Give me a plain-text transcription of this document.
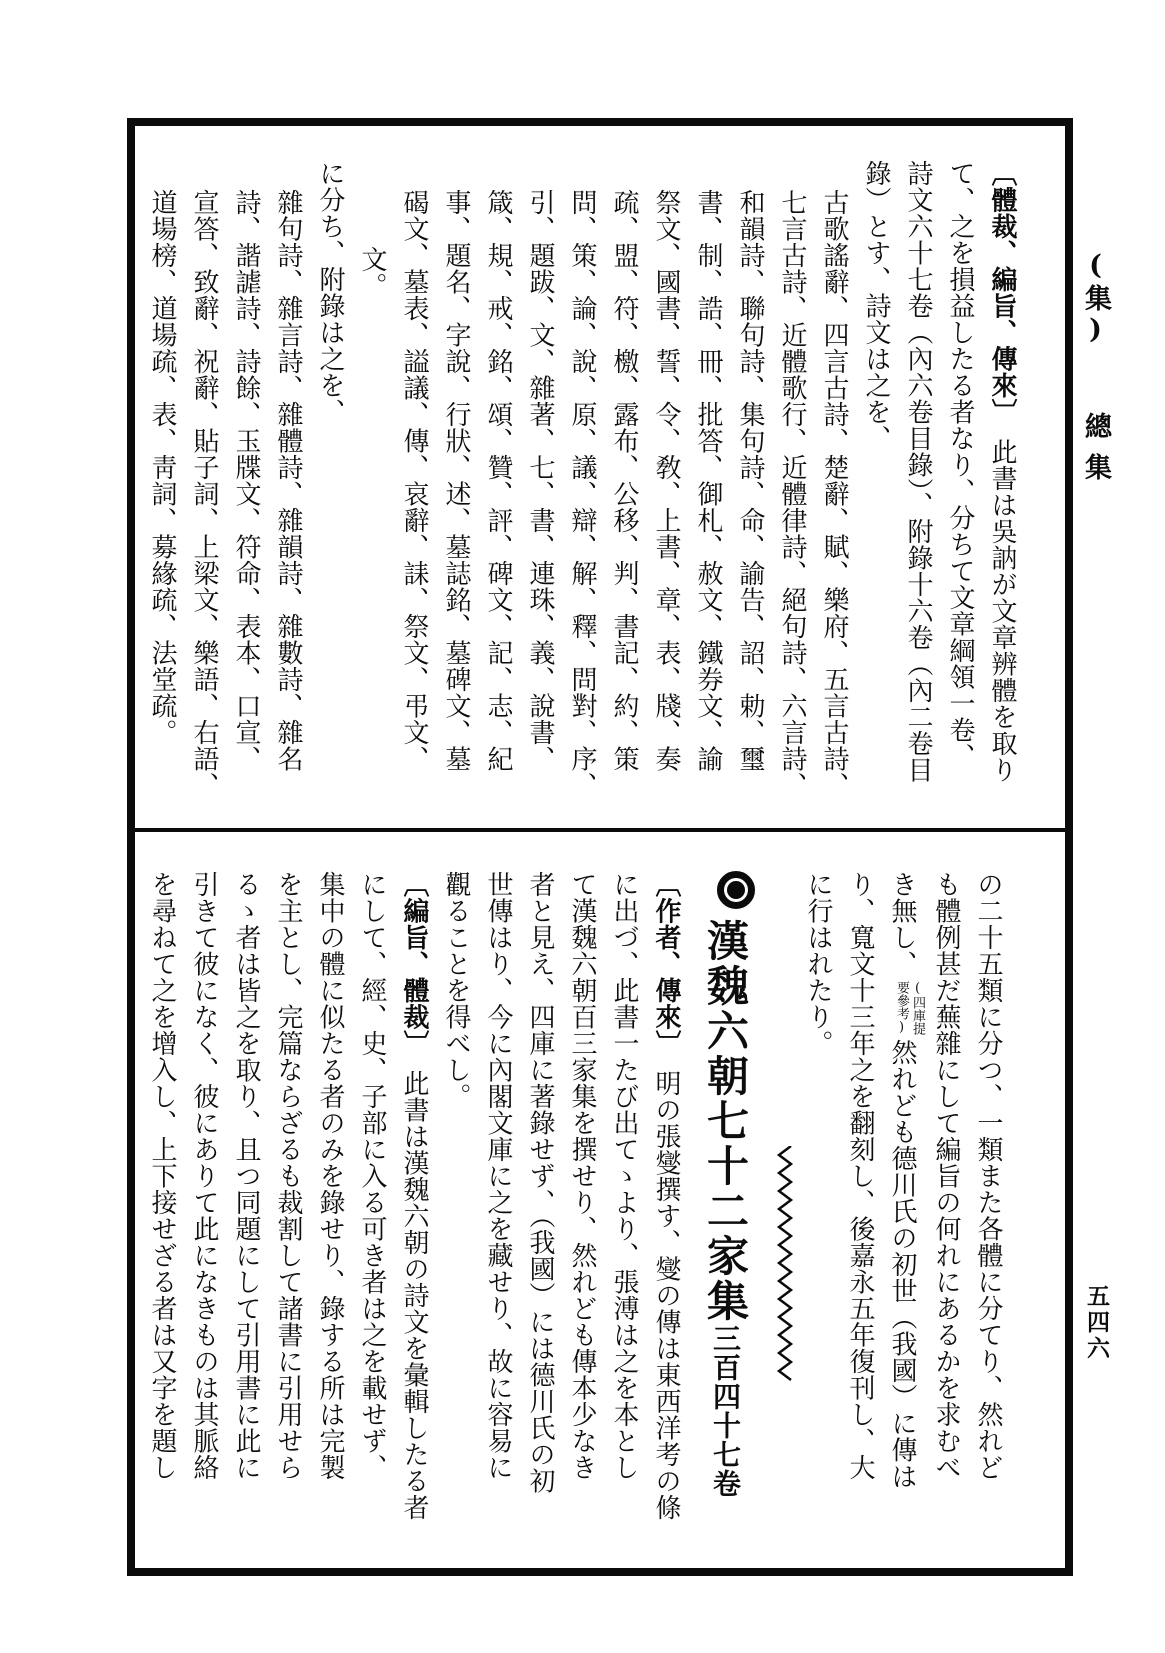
(集) 總集
五四六
〔體裁、編旨、傳來〕　此書は吳訥が文章辨體を取り
て、之を損益したる者なり、分ちて文章綱領一卷、
詩文六十七卷（內六卷目錄）、附錄十六卷（內二卷目
錄）とす、詩文は之を、
古歌謠辭、四言古詩、楚辭、賦、樂府、五言古詩、
七言古詩、近體歌行、近體律詩、絕句詩、六言詩、
和韻詩、聯句詩、集句詩、命、諭告、詔、勅、璽
書、制、誥、冊、批答、御札、赦文、鐵券文、諭
祭文、國書、誓、令、敎、上書、章、表、牋、奏
疏、盟、符、檄、露布、公移、判、書記、約、策
問、策、論、說、原、議、辯、解、釋、問對、序、
引、題跋、文、雜著、七、書、連珠、義、說書、
箴、規、戒、銘、頌、贊、評、碑文、記、志、紀
事、題名、字說、行狀、述、墓誌銘、墓碑文、墓
碣文、墓表、謚議、傳、哀辭、誄、祭文、弔文、
文。
に分ち、附錄は之を、
雜句詩、雜言詩、雜體詩、雜韻詩、雜數詩、雜名
詩、諧謔詩、詩餘、玉牒文、符命、表本、口宣、
宣答、致辭、祝辭、貼子詞、上梁文、樂語、右語、
道場榜、道場疏、表、靑詞、募緣疏、法堂疏。
の二十五類に分つ、一類また各體に分てり、然れど
も體例甚だ蕪雜にして編旨の何れにあるかを求むべ
き無し、
(四庫提
要參考)
然れども德川氏の初世（我國）に傳は
り、寬文十三年之を翻刻し、後嘉永五年復刊し、大
に行はれたり。
漢魏六朝七十二家集三百四十七卷
〔作者、傳來〕　明の張燮撰す、燮の傳は東西洋考の條
に出づ、此書一たび出てゝより、張溥は之を本とし
て漢魏六朝百三家集を撰せり、然れども傳本少なき
者と見え、四庫に著錄せず、（我國）には德川氏の初
世傳はり、今に內閣文庫に之を藏せり、故に容易に
觀ることを得べし。
〔編旨、體裁〕　此書は漢魏六朝の詩文を彙輯したる者
にして、經、史、子部に入る可き者は之を載せず、
集中の體に似たる者のみを錄せり、錄する所は完製
を主とし、完篇ならざるも裁割して諸書に引用せら
るゝ者は皆之を取り、且つ同題にして引用書に此に
引きて彼になく、彼にありて此になきものは其脈絡
を尋ねて之を增入し、上下接せざる者は又字を題し
